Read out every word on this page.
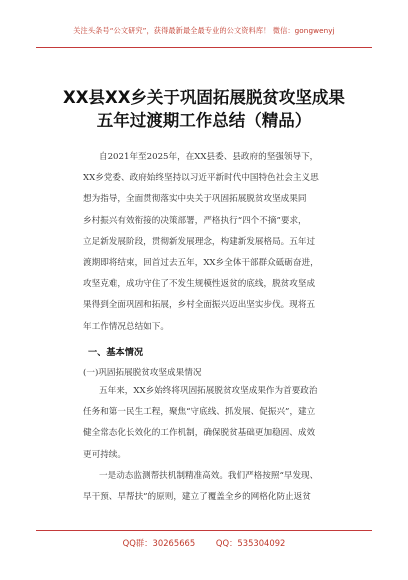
关注头条号“公文研究”，获得最新最全最专业的公文资料库！ 微信：gongwenyj
XX县XX乡关于巩固拓展脱贫攻坚成果
五年过渡期工作总结（精品）
自2021年至2025年，在XX县委、县政府的坚强领导下，
XX乡党委、政府始终坚持以习近平新时代中国特色社会主义思
想为指导，全面贯彻落实中央关于巩固拓展脱贫攻坚成果同
乡村振兴有效衔接的决策部署，严格执行“四个不摘”要求，
立足新发展阶段，贯彻新发展理念，构建新发展格局。五年过
渡期即将结束，回首过去五年，XX乡全体干部群众砥砺奋进，
攻坚克难，成功守住了不发生规模性返贫的底线，脱贫攻坚成
果得到全面巩固和拓展，乡村全面振兴迈出坚实步伐。现将五
年工作情况总结如下。
一、基本情况
(一)巩固拓展脱贫攻坚成果情况
五年来，XX乡始终将巩固拓展脱贫攻坚成果作为首要政治
任务和第一民生工程，聚焦“守底线、抓发展、促振兴”，建立
健全常态化长效化的工作机制，确保脱贫基础更加稳固、成效
更可持续。
一是动态监测帮扶机制精准高效。我们严格按照“早发现、
早干预、早帮扶”的原则，建立了覆盖全乡的网格化防止返贫
QQ群：30265665 QQ：535304092
